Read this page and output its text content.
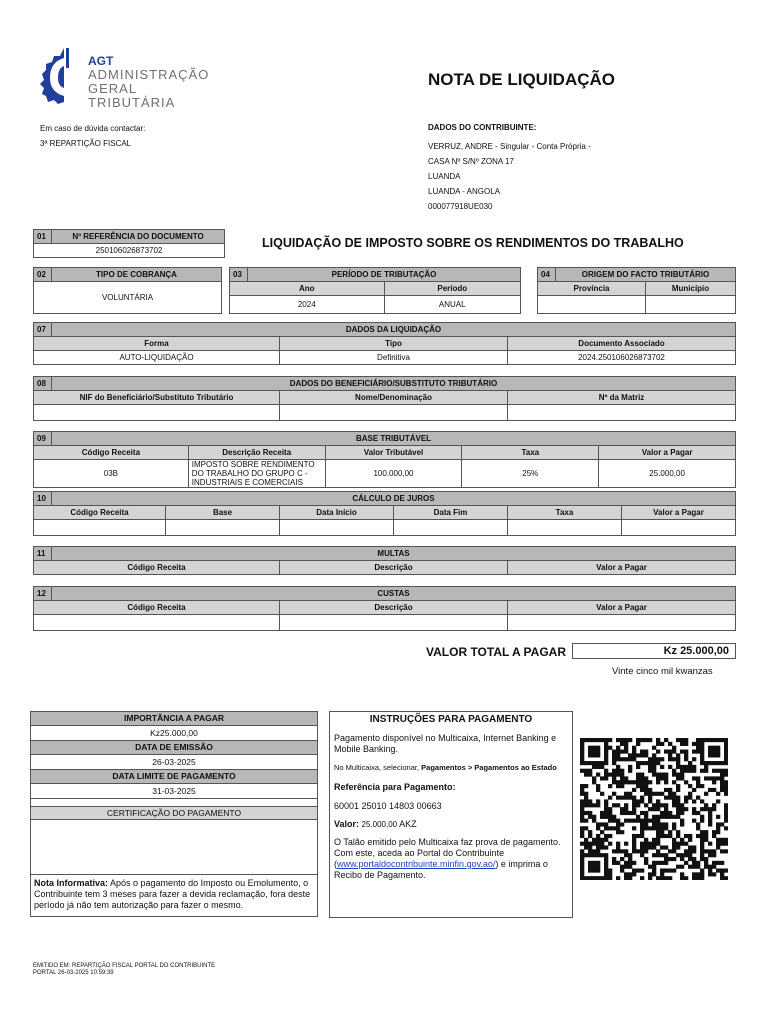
AGT
ADMINISTRAÇÃO
GERAL
TRIBUTÁRIA
NOTA DE LIQUIDAÇÃO
Em caso de dúvida contactar:
3ª REPARTIÇÃO FISCAL
DADOS DO CONTRIBUINTE:
VERRUZ, ANDRE - Singular - Conta Própria -
CASA Nº S/Nº ZONA 17
LUANDA
LUANDA - ANGOLA
000077918UE030
01	Nº REFERÊNCIA DO DOCUMENTO
250106026873702
LIQUIDAÇÃO DE IMPOSTO SOBRE OS RENDIMENTOS DO TRABALHO
02	TIPO DE COBRANÇA
VOLUNTÁRIA
03	PERÍODO DE TRIBUTAÇÃO	
Ano		Período
2024		ANUAL
04	ORIGEM DO FACTO TRIBUTÁRIO	
Província		Município

07	DADOS DA LIQUIDAÇÃO		
Forma		Tipo	Documento Associado
AUTO-LIQUIDAÇÃO		Definitiva	2024.250106026873702
08	DADOS DO BENEFICIÁRIO/SUBSTITUTO TRIBUTÁRIO		
NIF do Beneficiário/Substituto Tributário		Nome/Denominação	Nº da Matriz

09	BASE TRIBUTÁVEL				
Código Receita		Descrição Receita	Valor Tributável	Taxa	Valor a Pagar
03B		IMPOSTO SOBRE RENDIMENTO DO TRABALHO DO GRUPO C - INDUSTRIAIS E COMERCIAIS	100.000,00	25%	25.000,00
10	CÁLCULO DE JUROS					
Código Receita		Base	Data Início	Data Fim	Taxa	Valor a Pagar

11	MULTAS		
Código Receita		Descrição	Valor a Pagar
12	CUSTAS		
Código Receita		Descrição	Valor a Pagar

VALOR TOTAL A PAGAR	Kz 25.000,00
Vinte cinco mil kwanzas
IMPORTÂNCIA A PAGAR
Kz25.000,00
DATA DE EMISSÃO
26-03-2025
DATA LIMITE DE PAGAMENTO
31-03-2025
CERTIFICAÇÃO DO PAGAMENTO
Nota Informativa: Após o pagamento do Imposto ou Emolumento, o Contribuinte tem 3 meses para fazer a devida reclamação, fora deste período já não tem autorização para fazer o mesmo.
INSTRUÇÕES PARA PAGAMENTO
Pagamento disponível no Multicaixa, Internet Banking e Mobile Banking.
No Multicaixa, selecionar, Pagamentos > Pagamentos ao Estado
Referência para Pagamento:
60001 25010 14803 00663
Valor: 25.000,00 AKZ
O Talão emitido pelo Multicaixa faz prova de pagamento. Com este, aceda ao Portal do Contribuinte (www.portaldocontribuinte.minfin.gov.ao/) e imprima o Recibo de Pagamento.
EMITIDO EM: REPARTIÇÃO FISCAL PORTAL DO CONTRIBUINTE
PORTAL 26-03-2025 10:59:39
